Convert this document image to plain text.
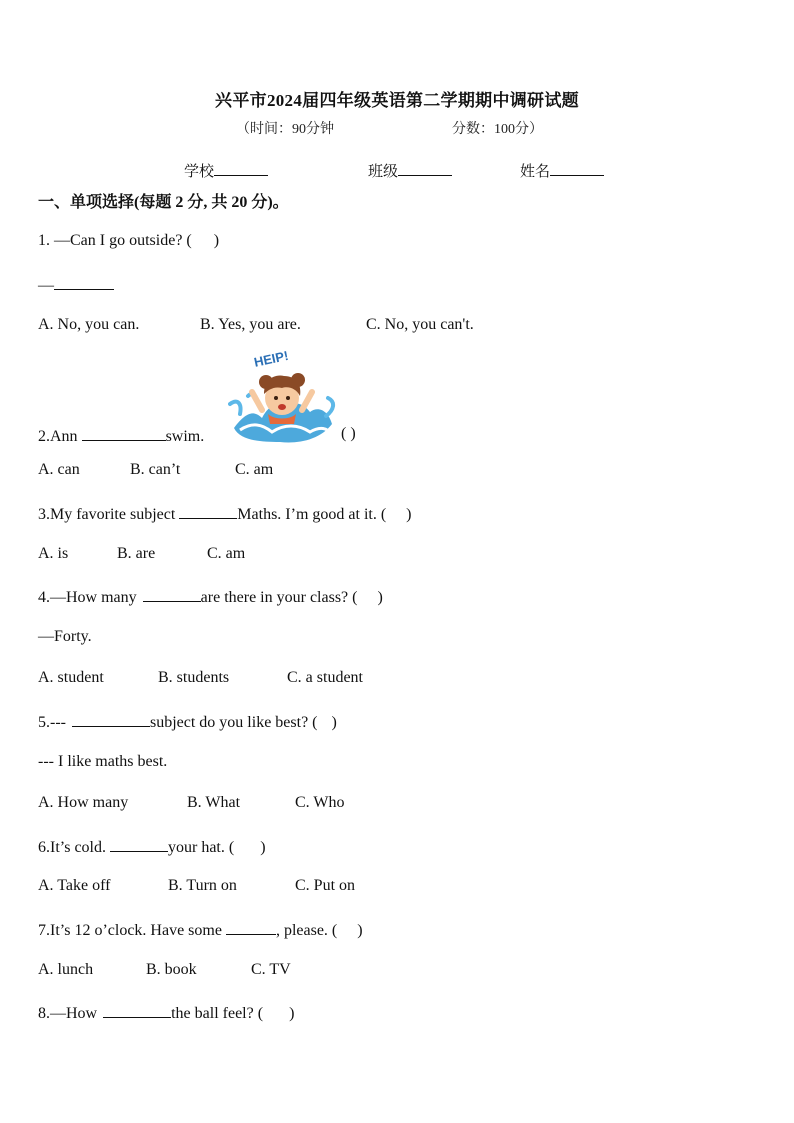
兴平市2024届四年级英语第二学期期中调研试题
（时间：90分钟	分数：100分）
学校	班级	姓名
一、单项选择(每题 2 分, 共 20 分)。
1. —Can I go outside? ( )
—
A. No, you can.	B. Yes, you are.	C. No, you can't.
HEIP!
2.Ann	swim.	( )
A. can	B. can’t	C. am
3.My favorite subject	Maths. I’m good at it. ( )
A. is	B. are	C. am
4.—How many	are there in your class? ( )
—Forty.
A. student	B. students	C. a student
5.---	subject do you like best? ( )
--- I like maths best.
A. How many	B. What	C. Who
6.It’s cold.	your hat. ( )
A. Take off	B. Turn on	C. Put on
7.It’s 12 o’clock. Have some	, please. ( )
A. lunch	B. book	C. TV
8.—How	the ball feel? ( )
